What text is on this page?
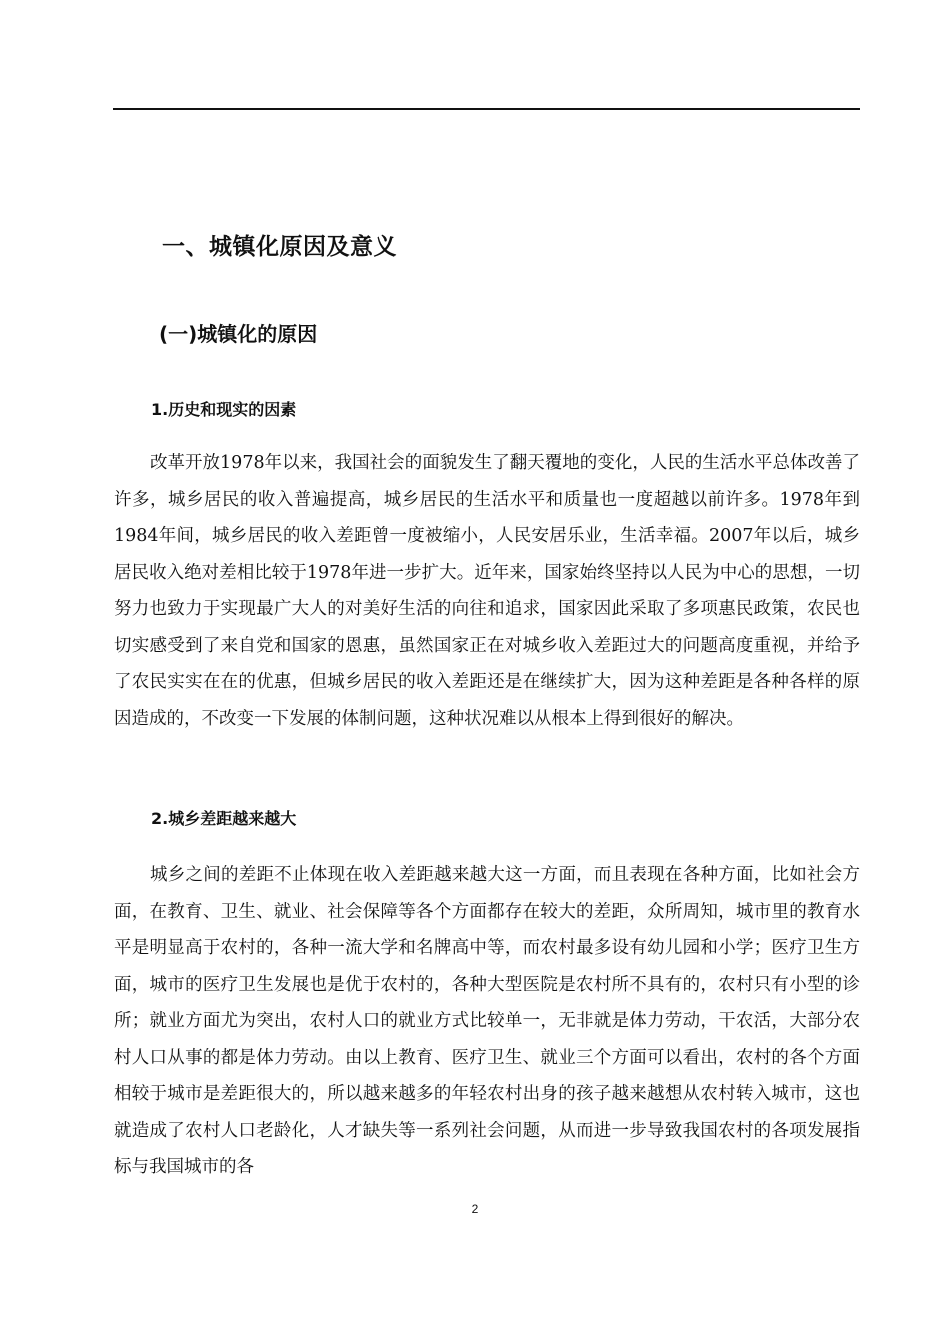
一、城镇化原因及意义
(一)城镇化的原因
1.历史和现实的因素

改革开放1978年以来，我国社会的面貌发生了翻天覆地的变化，人民的生活水平总体改善了许多，城乡居民的收入普遍提高，城乡居民的生活水平和质量也一度超越以前许多。1978年到1984年间，城乡居民的收入差距曾一度被缩小，人民安居乐业，生活幸福。2007年以后，城乡居民收入绝对差相比较于1978年进一步扩大。近年来，国家始终坚持以人民为中心的思想，一切努力也致力于实现最广大人的对美好生活的向往和追求，国家因此采取了多项惠民政策，农民也切实感受到了来自党和国家的恩惠，虽然国家正在对城乡收入差距过大的问题高度重视，并给予了农民实实在在的优惠，但城乡居民的收入差距还是在继续扩大，因为这种差距是各种各样的原因造成的，不改变一下发展的体制问题，这种状况难以从根本上得到很好的解决。

2.城乡差距越来越大

城乡之间的差距不止体现在收入差距越来越大这一方面，而且表现在各种方面，比如社会方面，在教育、卫生、就业、社会保障等各个方面都存在较大的差距，众所周知，城市里的教育水平是明显高于农村的，各种一流大学和名牌高中等，而农村最多设有幼儿园和小学；医疗卫生方面，城市的医疗卫生发展也是优于农村的，各种大型医院是农村所不具有的，农村只有小型的诊所；就业方面尤为突出，农村人口的就业方式比较单一，无非就是体力劳动，干农活，大部分农村人口从事的都是体力劳动。由以上教育、医疗卫生、就业三个方面可以看出，农村的各个方面相较于城市是差距很大的，所以越来越多的年轻农村出身的孩子越来越想从农村转入城市，这也就造成了农村人口老龄化，人才缺失等一系列社会问题，从而进一步导致我国农村的各项发展指标与我国城市的各

2
